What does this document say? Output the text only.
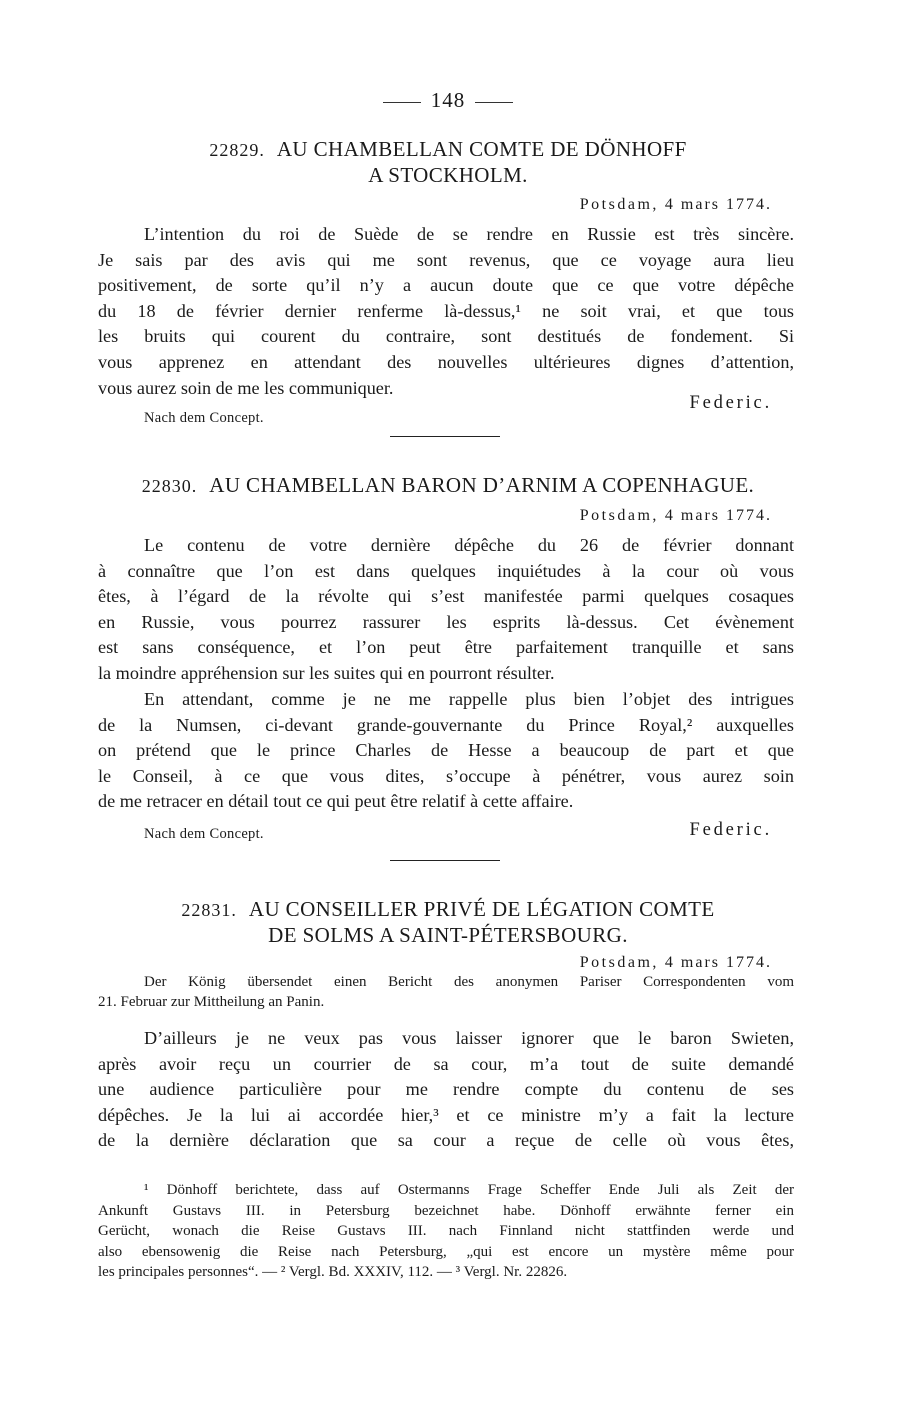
148
22829. AU CHAMBELLAN COMTE DE DÖNHOFF
A STOCKHOLM.
Potsdam, 4 mars 1774.
L’intention du roi de Suède de se rendre en Russie est très sincère.
Je sais par des avis qui me sont revenus, que ce voyage aura lieu
positivement, de sorte qu’il n’y a aucun doute que ce que votre dépêche
du 18 de février dernier renferme là-dessus,¹ ne soit vrai, et que tous
les bruits qui courent du contraire, sont destitués de fondement. Si
vous apprenez en attendant des nouvelles ultérieures dignes d’attention,
vous aurez soin de me les communiquer.
Federic.
Nach dem Concept.
22830. AU CHAMBELLAN BARON D’ARNIM A COPENHAGUE.
Potsdam, 4 mars 1774.
Le contenu de votre dernière dépêche du 26 de février donnant
à connaître que l’on est dans quelques inquiétudes à la cour où vous
êtes, à l’égard de la révolte qui s’est manifestée parmi quelques cosaques
en Russie, vous pourrez rassurer les esprits là-dessus. Cet évènement
est sans conséquence, et l’on peut être parfaitement tranquille et sans
la moindre appréhension sur les suites qui en pourront résulter.
En attendant, comme je ne me rappelle plus bien l’objet des intrigues
de la Numsen, ci-devant grande-gouvernante du Prince Royal,² auxquelles
on prétend que le prince Charles de Hesse a beaucoup de part et que
le Conseil, à ce que vous dites, s’occupe à pénétrer, vous aurez soin
de me retracer en détail tout ce qui peut être relatif à cette affaire.
Nach dem Concept.	Federic.
22831. AU CONSEILLER PRIVÉ DE LÉGATION COMTE
DE SOLMS A SAINT-PÉTERSBOURG.
Potsdam, 4 mars 1774.
Der König übersendet einen Bericht des anonymen Pariser Correspondenten vom
21. Februar zur Mittheilung an Panin.
D’ailleurs je ne veux pas vous laisser ignorer que le baron Swieten,
après avoir reçu un courrier de sa cour, m’a tout de suite demandé
une audience particulière pour me rendre compte du contenu de ses
dépêches. Je la lui ai accordée hier,³ et ce ministre m’y a fait la lecture
de la dernière déclaration que sa cour a reçue de celle où vous êtes,
¹ Dönhoff berichtete, dass auf Ostermanns Frage Scheffer Ende Juli als Zeit der
Ankunft Gustavs III. in Petersburg bezeichnet habe. Dönhoff erwähnte ferner ein
Gerücht, wonach die Reise Gustavs III. nach Finnland nicht stattfinden werde und
also ebensowenig die Reise nach Petersburg, „qui est encore un mystère même pour
les principales personnes“. — ² Vergl. Bd. XXXIV, 112. — ³ Vergl. Nr. 22826.
